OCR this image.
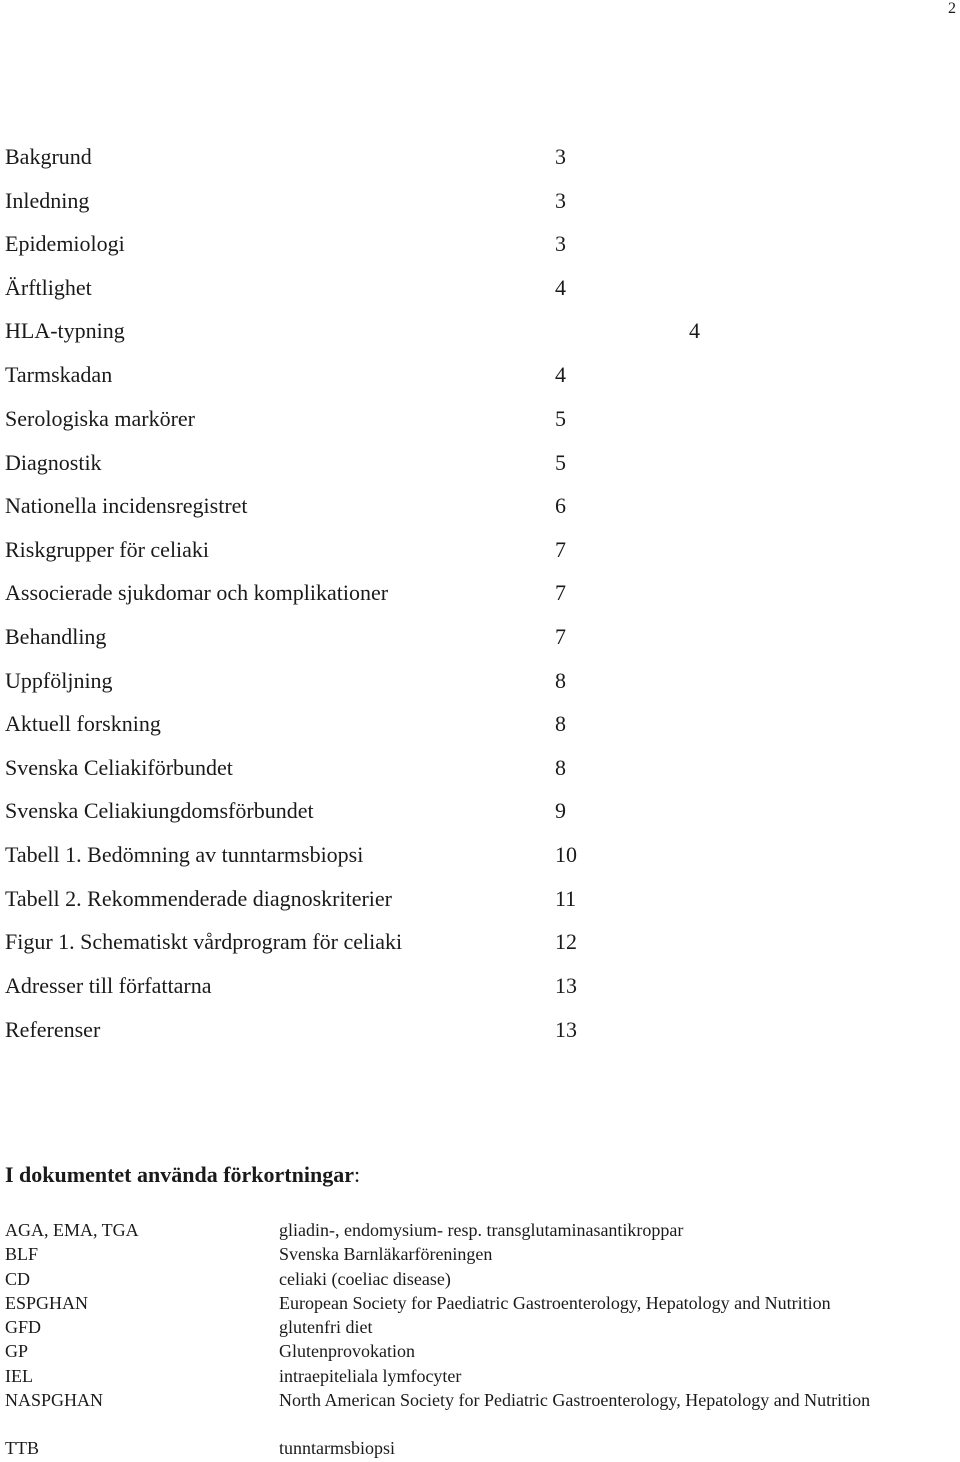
2
Bakgrund	3
Inledning	3
Epidemiologi	3
Ärftlighet	4
HLA-typning	4
Tarmskadan	4
Serologiska markörer	5
Diagnostik	5
Nationella incidensregistret	6
Riskgrupper för celiaki	7
Associerade sjukdomar och komplikationer	7
Behandling	7
Uppföljning	8
Aktuell forskning	8
Svenska Celiakiförbundet	8
Svenska Celiakiungdomsförbundet	9
Tabell 1. Bedömning av tunntarmsbiopsi	10
Tabell 2. Rekommenderade diagnoskriterier	11
Figur 1. Schematiskt vårdprogram för celiaki	12
Adresser till författarna	13
Referenser	13
I dokumentet använda förkortningar:
AGA, EMA, TGA	gliadin-, endomysium- resp. transglutaminasantikroppar
BLF	Svenska Barnläkarföreningen
CD	celiaki (coeliac disease)
ESPGHAN	European Society for Paediatric Gastroenterology, Hepatology and Nutrition
GFD	glutenfri diet
GP	Glutenprovokation
IEL	intraepiteliala lymfocyter
NASPGHAN	North American Society for Pediatric Gastroenterology, Hepatology and Nutrition
TTB	tunntarmsbiopsi
